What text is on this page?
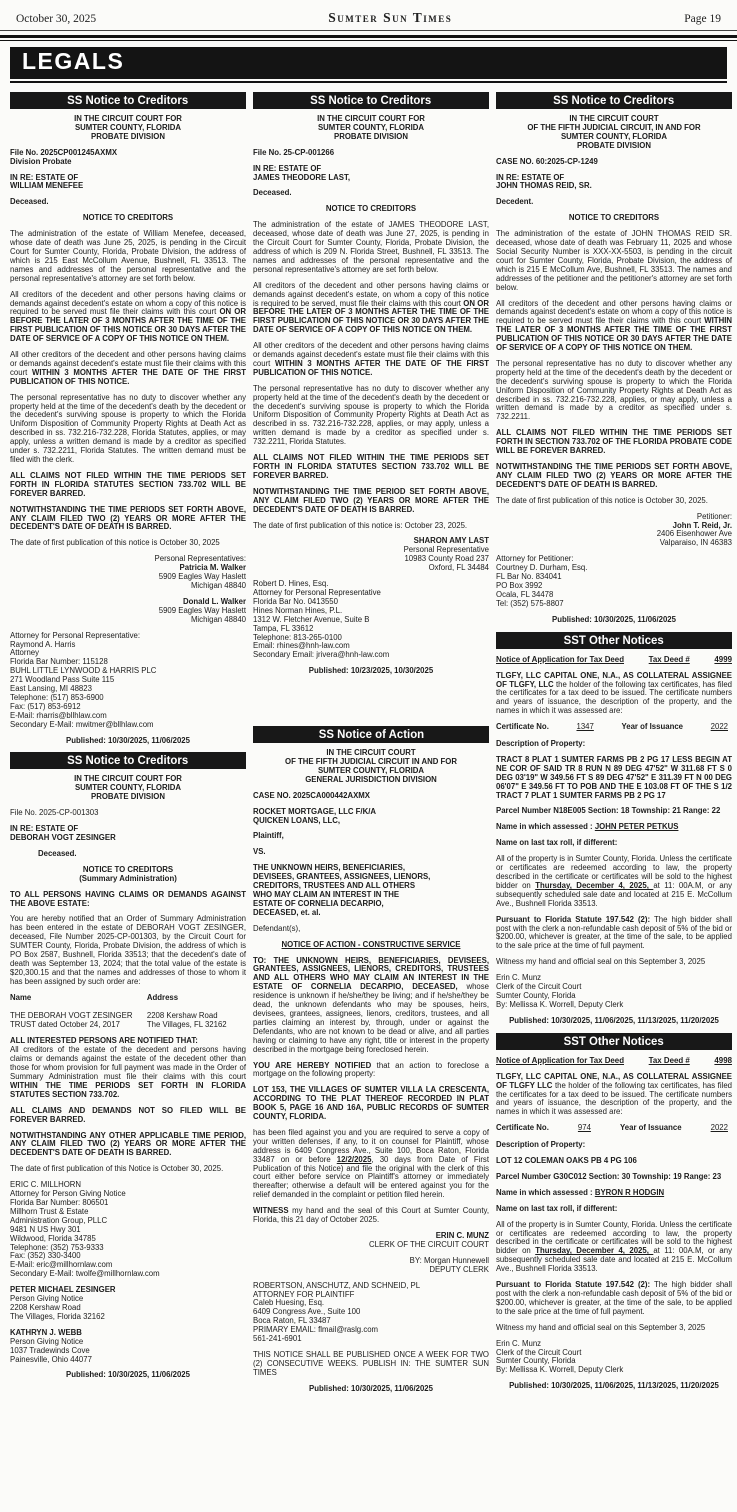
October 30, 2025	Sumter Sun Times	Page 19
LEGALS
SS Notice to Creditors
IN THE CIRCUIT COURT FOR
SUMTER COUNTY, FLORIDA
PROBATE DIVISION
File No. 2025CP001245AXMX
Division Probate
IN RE: ESTATE OF
WILLIAM MENEFEE
Deceased.
NOTICE TO CREDITORS

The administration of the estate of William Menefee, deceased, whose date of death was June 25, 2025, is pending in the Circuit Court for Sumter County, Florida, Probate Division, the address of which is 215 East McCollum Avenue, Bushnell, FL 33513. The names and addresses of the personal representative and the personal representative's attorney are set forth below.

All creditors of the decedent and other persons having claims or demands against decedent's estate on whom a copy of this notice is required to be served must file their claims with this court ON OR BEFORE THE LATER OF 3 MONTHS AFTER THE TIME OF THE FIRST PUBLICATION OF THIS NOTICE OR 30 DAYS AFTER THE DATE OF SERVICE OF A COPY OF THIS NOTICE ON THEM.

All other creditors of the decedent and other persons having claims or demands against decedent's estate must file their claims with this court WITHIN 3 MONTHS AFTER THE DATE OF THE FIRST PUBLICATION OF THIS NOTICE.

The personal representative has no duty to discover whether any property held at the time of the decedent's death by the decedent or the decedent's surviving spouse is property to which the Florida Uniform Disposition of Community Property Rights at Death Act as described in ss. 732.216-732.228, Florida Statutes, applies, or may apply, unless a written demand is made by a creditor as specified under s. 732.2211, Florida Statutes. The written demand must be filed with the clerk.

ALL CLAIMS NOT FILED WITHIN THE TIME PERIODS SET FORTH IN FLORIDA STATUTES SECTION 733.702 WILL BE FOREVER BARRED.

NOTWITHSTANDING THE TIME PERIODS SET FORTH ABOVE, ANY CLAIM FILED TWO (2) YEARS OR MORE AFTER THE DECEDENT'S DATE OF DEATH IS BARRED.

The date of first publication of this notice is October 30, 2025

Personal Representatives:
Patricia M. Walker
5909 Eagles Way Haslett
Michigan 48840
Donald L. Walker
5909 Eagles Way Haslett
Michigan 48840
Attorney for Personal Representative:
Raymond A. Harris
Attorney
Florida Bar Number: 115128
BUHL LITTLE LYNWOOD & HARRIS PLC
271 Woodland Pass Suite 115
East Lansing, MI 48823
Telephone: (517) 853-6900
Fax: (517) 853-6912
E-Mail: rharris@bllhlaw.com
Secondary E-Mail: mwitmer@bllhlaw.com
Published: 10/30/2025, 11/06/2025
SS Notice to Creditors
IN THE CIRCUIT COURT FOR
SUMTER COUNTY, FLORIDA
PROBATE DIVISION
File No. 2025-CP-001303
IN RE: ESTATE OF
DEBORAH VOGT ZESINGER
Deceased.
NOTICE TO CREDITORS
(Summary Administration)

TO ALL PERSONS HAVING CLAIMS OR DEMANDS AGAINST THE ABOVE ESTATE:

You are hereby notified that an Order of Summary Administration has been entered in the estate of DEBORAH VOGT ZESINGER, deceased, File Number 2025-CP-001303, by the Circuit Court for SUMTER County, Florida, Probate Division, the address of which is PO Box 2587, Bushnell, Florida 33513; that the decedent's date of death was September 13, 2024; that the total value of the estate is $20,300.15 and that the names and addresses of those to whom it has been assigned by such order are:

Name	Address
THE DEBORAH VOGT ZESINGER	2208 Kershaw Road
TRUST dated October 24, 2017	The Villages, FL 32162

ALL INTERESTED PERSONS ARE NOTIFIED THAT:

All creditors of the estate of the decedent and persons having claims or demands against the estate of the decedent other than those for whom provision for full payment was made in the Order of Summary Administration must file their claims with this court WITHIN THE TIME PERIODS SET FORTH IN FLORIDA STATUTES SECTION 733.702.

ALL CLAIMS AND DEMANDS NOT SO FILED WILL BE FOREVER BARRED.

NOTWITHSTANDING ANY OTHER APPLICABLE TIME PERIOD, ANY CLAIM FILED TWO (2) YEARS OR MORE AFTER THE DECEDENT'S DATE OF DEATH IS BARRED.

The date of first publication of this Notice is October 30, 2025.

ERIC C. MILLHORN
Attorney for Person Giving Notice
Florida Bar Number: 806501
Millhorn Trust & Estate
Administration Group, PLLC
9481 N US Hwy 301
Wildwood, Florida 34785
Telephone: (352) 753-9333
Fax: (352) 330-3400
E-Mail: eric@millhornlaw.com
Secondary E-Mail: twolfe@millhornlaw.com
PETER MICHAEL ZESINGER
Person Giving Notice
2208 Kershaw Road
The Villages, Florida 32162
KATHRYN J. WEBB
Person Giving Notice
1037 Tradewinds Cove
Painesville, Ohio 44077
Published: 10/30/2025, 11/06/2025
SS Notice to Creditors
IN THE CIRCUIT COURT FOR
SUMTER COUNTY, FLORIDA
PROBATE DIVISION
File No. 25-CP-001266
IN RE: ESTATE OF
JAMES THEODORE LAST,
Deceased.
NOTICE TO CREDITORS

The administration of the estate of JAMES THEODORE LAST, deceased, whose date of death was June 27, 2025, is pending in the Circuit Court for Sumter County, Florida, Probate Division, the address of which is 209 N. Florida Street, Bushnell, FL 33513. The names and addresses of the personal representative and the personal representative's attorney are set forth below.

All creditors of the decedent and other persons having claims or demands against decedent's estate, on whom a copy of this notice is required to be served, must file their claims with this court ON OR BEFORE THE LATER OF 3 MONTHS AFTER THE TIME OF THE FIRST PUBLICATION OF THIS NOTICE OR 30 DAYS AFTER THE DATE OF SERVICE OF A COPY OF THIS NOTICE ON THEM.

All other creditors of the decedent and other persons having claims or demands against decedent's estate must file their claims with this court WITHIN 3 MONTHS AFTER THE DATE OF THE FIRST PUBLICATION OF THIS NOTICE.

The personal representative has no duty to discover whether any property held at the time of the decedent's death by the decedent or the decedent's surviving spouse is property to which the Florida Uniform Disposition of Community Property Rights at Death Act as described in ss. 732.216-732.228, applies, or may apply, unless a written demand is made by a creditor as specified under s. 732.2211, Florida Statutes.

ALL CLAIMS NOT FILED WITHIN THE TIME PERIODS SET FORTH IN FLORIDA STATUTES SECTION 733.702 WILL BE FOREVER BARRED.

NOTWITHSTANDING THE TIME PERIOD SET FORTH ABOVE, ANY CLAIM FILED TWO (2) YEARS OR MORE AFTER THE DECEDENT'S DATE OF DEATH IS BARRED.

The date of first publication of this notice is: October 23, 2025.

SHARON AMY LAST
Personal Representative
10983 County Road 237
Oxford, FL 34484
Robert D. Hines, Esq.
Attorney for Personal Representative
Florida Bar No. 0413550
Hines Norman Hines, P.L.
1312 W. Fletcher Avenue, Suite B
Tampa, FL 33612
Telephone: 813-265-0100
Email: rhines@hnh-law.com
Secondary Email: jrivera@hnh-law.com
Published: 10/23/2025, 10/30/2025
SS Notice of Action
IN THE CIRCUIT COURT
OF THE FIFTH JUDICIAL CIRCUIT IN AND FOR
SUMTER COUNTY, FLORIDA
GENERAL JURISDICTION DIVISION
CASE NO. 2025CA000442AXMX
ROCKET MORTGAGE, LLC F/K/A
QUICKEN LOANS, LLC,
Plaintiff,
VS.
THE UNKNOWN HEIRS, BENEFICIARIES,
DEVISEES, GRANTEES, ASSIGNEES, LIENORS,
CREDITORS, TRUSTEES AND ALL OTHERS
WHO MAY CLAIM AN INTEREST IN THE
ESTATE OF CORNELIA DECARPIO,
DECEASED, et. al.
Defendant(s),
NOTICE OF ACTION - CONSTRUCTIVE SERVICE

TO: THE UNKNOWN HEIRS, BENEFICIARIES, DEVISEES, GRANTEES, ASSIGNEES, LIENORS, CREDITORS, TRUSTEES AND ALL OTHERS WHO MAY CLAIM AN INTEREST IN THE ESTATE OF CORNELIA DECARPIO, DECEASED, whose residence is unknown if he/she/they be living; and if he/she/they be dead, the unknown defendants who may be spouses, heirs, devisees, grantees, assignees, lienors, creditors, trustees, and all parties claiming an interest by, through, under or against the Defendants, who are not known to be dead or alive, and all parties having or claiming to have any right, title or interest in the property described in the mortgage being foreclosed herein.

YOU ARE HEREBY NOTIFIED that an action to foreclose a mortgage on the following property:

LOT 153, THE VILLAGES OF SUMTER VILLA LA CRESCENTA, ACCORDING TO THE PLAT THEREOF RECORDED IN PLAT BOOK 5, PAGE 16 AND 16A, PUBLIC RECORDS OF SUMTER COUNTY, FLORIDA.

has been filed against you and you are required to serve a copy of your written defenses, if any, to it on counsel for Plaintiff, whose address is 6409 Congress Ave., Suite 100, Boca Raton, Florida 33487 on or before 12/2/2025, 30 days from Date of First Publication of this Notice) and file the original with the clerk of this court either before service on Plaintiff's attorney or immediately thereafter; otherwise a default will be entered against you for the relief demanded in the complaint or petition filed herein.

WITNESS my hand and the seal of this Court at Sumter County, Florida, this 21 day of October 2025.

ERIN C. MUNZ
CLERK OF THE CIRCUIT COURT
BY: Morgan Hunnewell
DEPUTY CLERK
ROBERTSON, ANSCHUTZ, AND SCHNEID, PL
ATTORNEY FOR PLAINTIFF
Caleb Huesing, Esq.
6409 Congress Ave., Suite 100
Boca Raton, FL 33487
PRIMARY EMAIL: flmail@raslg.com
561-241-6901

THIS NOTICE SHALL BE PUBLISHED ONCE A WEEK FOR TWO (2) CONSECUTIVE WEEKS. PUBLISH IN: THE SUMTER SUN TIMES

Published: 10/30/2025, 11/06/2025
SS Notice to Creditors
IN THE CIRCUIT COURT
OF THE FIFTH JUDICIAL CIRCUIT, IN AND FOR
SUMTER COUNTY, FLORIDA
PROBATE DIVISION
CASE NO. 60:2025-CP-1249
IN RE: ESTATE OF
JOHN THOMAS REID, SR.
Decedent.
NOTICE TO CREDITORS

The administration of the estate of JOHN THOMAS REID SR. deceased, whose date of death was February 11, 2025 and whose Social Security Number is XXX-XX-5503, is pending in the circuit court for Sumter County, Florida, Probate Division, the address of which is 215 E McCollum Ave, Bushnell, FL 33513. The names and addresses of the petitioner and the petitioner's attorney are set forth below.

All creditors of the decedent and other persons having claims or demands against decedent's estate on whom a copy of this notice is required to be served must file their claims with this court WITHIN THE LATER OF 3 MONTHS AFTER THE TIME OF THE FIRST PUBLICATION OF THIS NOTICE OR 30 DAYS AFTER THE DATE OF SERVICE OF A COPY OF THIS NOTICE ON THEM.

The personal representative has no duty to discover whether any property held at the time of the decedent's death by the decedent or the decedent's surviving spouse is property to which the Florida Uniform Disposition of Community Property Rights at Death Act as described in ss. 732.216-732.228, applies, or may apply, unless a written demand is made by a creditor as specified under s. 732.2211.

ALL CLAIMS NOT FILED WITHIN THE TIME PERIODS SET FORTH IN SECTION 733.702 OF THE FLORIDA PROBATE CODE WILL BE FOREVER BARRED.

NOTWITHSTANDING THE TIME PERIODS SET FORTH ABOVE, ANY CLAIM FILED TWO (2) YEARS OR MORE AFTER THE DECEDENT'S DATE OF DEATH IS BARRED.

The date of first publication of this notice is October 30, 2025.

Petitioner:
John T. Reid, Jr.
2406 Eisenhower Ave
Valparaiso, IN 46383
Attorney for Petitioner:
Courtney D. Durham, Esq.
FL Bar No. 834041
PO Box 3992
Ocala, FL 34478
Tel: (352) 575-8807
Published: 10/30/2025, 11/06/2025
SST Other Notices
Notice of Application for Tax Deed	Tax Deed #	4999

TLGFY, LLC CAPITAL ONE, N.A., AS COLLATERAL ASSIGNEE OF TLGFY, LLC the holder of the following tax certificates, has filed the certificates for a tax deed to be issued. The certificate numbers and years of issuance, the description of the property, and the names in which it was assessed are:

Certificate No.	1347	Year of Issuance	2022

Description of Property:

TRACT 8 PLAT 1 SUMTER FARMS PB 2 PG 17 LESS BEGIN AT NE COR OF SAID TR 8 RUN N 89 DEG 47'52" W 311.68 FT S 0 DEG 03'19" W 349.56 FT S 89 DEG 47'52" E 311.39 FT N 00 DEG 06'07" E 349.56 FT TO POB AND THE E 103.08 FT OF THE S 1/2 TRACT 7 PLAT 1 SUMTER FARMS PB 2 PG 17

Parcel Number N18E005 Section: 18 Township: 21 Range: 22

Name in which assessed : JOHN PETER PETKUS

Name on last tax roll, if different:

All of the property is in Sumter County, Florida. Unless the certificate or certificates are redeemed according to law, the property described in the certificate or certificates will be sold to the highest bidder on Thursday, December 4, 2025, at 11: 00A.M, or any subsequently scheduled sale date and located at 215 E. McCollum Ave., Bushnell Florida 33513.

Pursuant to Florida Statute 197.542 (2): The high bidder shall post with the clerk a non-refundable cash deposit of 5% of the bid or $200.00, whichever is greater, at the time of the sale, to be applied to the sale price at the time of full payment.

Witness my hand and official seal on this September 3, 2025

Erin C. Munz
Clerk of the Circuit Court
Sumter County, Florida
By: Mellissa K. Worrell, Deputy Clerk
Published: 10/30/2025, 11/06/2025, 11/13/2025, 11/20/2025
SST Other Notices
Notice of Application for Tax Deed	Tax Deed #	4998

TLGFY, LLC CAPITAL ONE, N.A., AS COLLATERAL ASSIGNEE OF TLGFY LLC the holder of the following tax certificates, has filed the certificates for a tax deed to be issued. The certificate numbers and years of issuance, the description of the property, and the names in which it was assessed are:

Certificate No.	974	Year of Issuance	2022

Description of Property:

LOT 12 COLEMAN OAKS PB 4 PG 106

Parcel Number G30C012 Section: 30 Township: 19 Range: 23

Name in which assessed : BYRON R HODGIN

Name on last tax roll, if different:

All of the property is in Sumter County, Florida. Unless the certificate or certificates are redeemed according to law, the property described in the certificate or certificates will be sold to the highest bidder on Thursday, December 4, 2025, at 11: 00A.M, or any subsequently scheduled sale date and located at 215 E. McCollum Ave., Bushnell Florida 33513.

Pursuant to Florida Statute 197.542 (2): The high bidder shall post with the clerk a non-refundable cash deposit of 5% of the bid or $200.00, whichever is greater, at the time of the sale, to be applied to the sale price at the time of full payment.

Witness my hand and official seal on this September 3, 2025

Erin C. Munz
Clerk of the Circuit Court
Sumter County, Florida
By: Mellissa K. Worrell, Deputy Clerk
Published: 10/30/2025, 11/06/2025, 11/13/2025, 11/20/2025
